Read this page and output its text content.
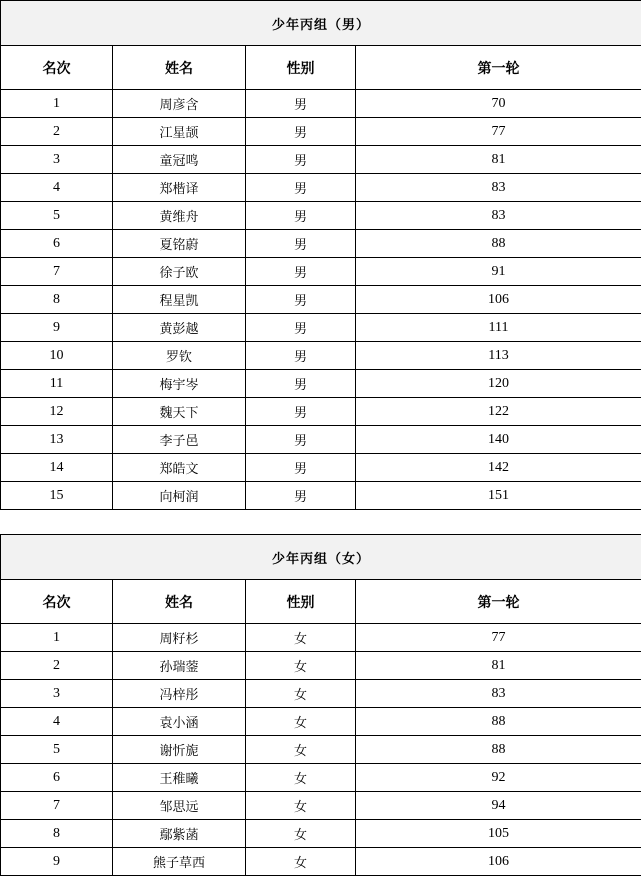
少年丙组（男）			
名次	姓名	性别	第一轮
1	周彦含	男	70
2	江星颉	男	77
3	童冠鸣	男	81
4	郑楷译	男	83
5	黄维舟	男	83
6	夏铭蔚	男	88
7	徐子欧	男	91
8	程星凯	男	106
9	黄彭越	男	111
10	罗钦	男	113
11	梅宇岑	男	120
12	魏天下	男	122
13	李子邑	男	140
14	郑皓文	男	142
15	向柯润	男	151
少年丙组（女）			
名次	姓名	性别	第一轮
1	周籽杉	女	77
2	孙瑞蓥	女	81
3	冯梓彤	女	83
4	袁小涵	女	88
5	谢忻旎	女	88
6	王稚曦	女	92
7	邹思远	女	94
8	鄢紫菡	女	105
9	熊子草西	女	106
